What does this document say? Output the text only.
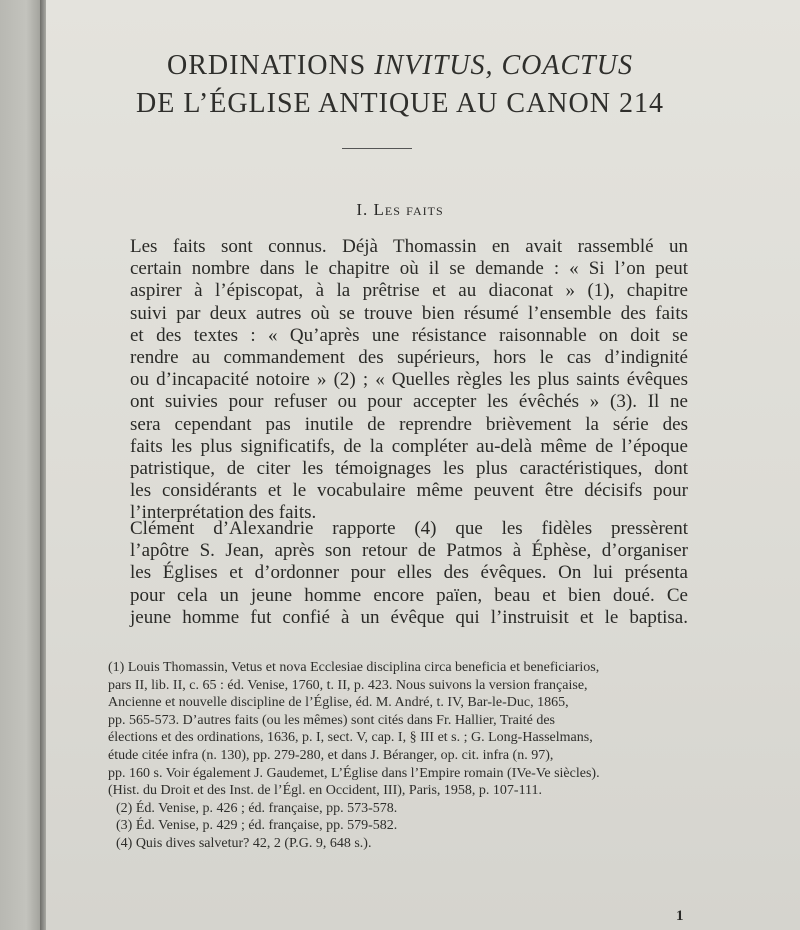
ORDINATIONS INVITUS, COACTUS
DE L’ÉGLISE ANTIQUE AU CANON 214
I. Les faits
Les faits sont connus. Déjà Thomassin en avait rassemblé un
certain nombre dans le chapitre où il se demande : « Si l’on peut
aspirer à l’épiscopat, à la prêtrise et au diaconat » (1), chapitre
suivi par deux autres où se trouve bien résumé l’ensemble des faits
et des textes : « Qu’après une résistance raisonnable on doit se
rendre au commandement des supérieurs, hors le cas d’indignité
ou d’incapacité notoire » (2) ; « Quelles règles les plus saints évêques
ont suivies pour refuser ou pour accepter les évêchés » (3). Il ne
sera cependant pas inutile de reprendre brièvement la série des
faits les plus significatifs, de la compléter au-delà même de l’époque
patristique, de citer les témoignages les plus caractéristiques, dont
les considérants et le vocabulaire même peuvent être décisifs pour
l’interprétation des faits.
Clément d’Alexandrie rapporte (4) que les fidèles pressèrent
l’apôtre S. Jean, après son retour de Patmos à Éphèse, d’organiser
les Églises et d’ordonner pour elles des évêques. On lui présenta
pour cela un jeune homme encore païen, beau et bien doué. Ce
jeune homme fut confié à un évêque qui l’instruisit et le baptisa.
(1) Louis Thomassin, Vetus et nova Ecclesiae disciplina circa beneficia et beneficiarios,
pars II, lib. II, c. 65 : éd. Venise, 1760, t. II, p. 423. Nous suivons la version française,
Ancienne et nouvelle discipline de l’Église, éd. M. André, t. IV, Bar-le-Duc, 1865,
pp. 565-573. D’autres faits (ou les mêmes) sont cités dans Fr. Hallier, Traité des
élections et des ordinations, 1636, p. I, sect. V, cap. I, § III et s. ; G. Long-Hasselmans,
étude citée infra (n. 130), pp. 279-280, et dans J. Béranger, op. cit. infra (n. 97),
pp. 160 s. Voir également J. Gaudemet, L’Église dans l’Empire romain (IVe-Ve siècles).
(Hist. du Droit et des Inst. de l’Égl. en Occident, III), Paris, 1958, p. 107-111.
(2) Éd. Venise, p. 426 ; éd. française, pp. 573-578.
(3) Éd. Venise, p. 429 ; éd. française, pp. 579-582.
(4) Quis dives salvetur? 42, 2 (P.G. 9, 648 s.).
1
